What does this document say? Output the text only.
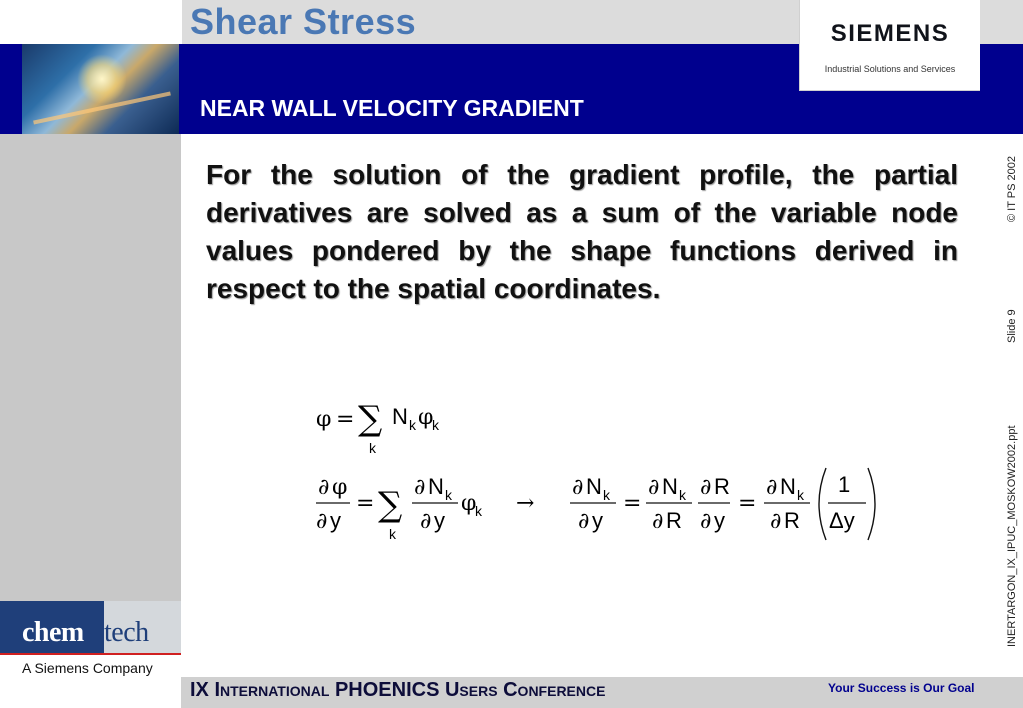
Shear Stress
NEAR WALL VELOCITY GRADIENT
SIEMENS
Industrial Solutions and Services
chem tech
A Siemens Company
© IT PS 2002
Slide 9
INERTARGON_IX_IPUC_MOSKOW2002.ppt

For the solution of the gradient profile, the partial derivatives are solved as a sum of the variable node values pondered by the shape functions derived in respect to the spatial coordinates.

φ = ∑
k
N k φ
k
∂ φ
∂ y
= ∑
k
∂ N k
∂ y
φ
k →
∂ N k
∂ y
=
∂ N k
∂ R
∂ R
∂ y
=
∂ N k
∂ R
1
Δy
IX International PHOENICS Users Conference	Your Success is Our Goal
